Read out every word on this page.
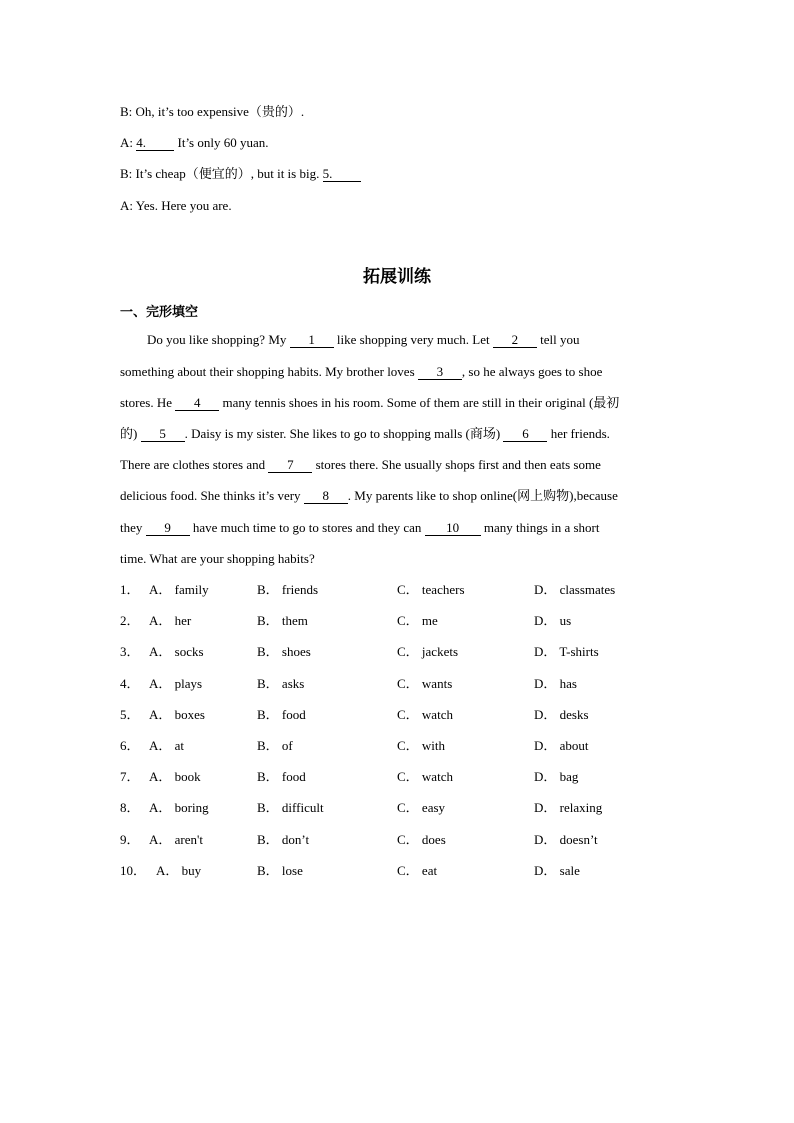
B: Oh, it’s too expensive（贵的）.
A: 4. It’s only 60 yuan.
B: It’s cheap（便宜的）, but it is big. 5.
A: Yes. Here you are.
拓展训练
一、完形填空
Do you like shopping? My 1 like shopping very much. Let 2 tell you
something about their shopping habits. My brother loves 3 , so he always goes to shoe
stores. He 4 many tennis shoes in his room. Some of them are still in their original (最初
的) 5 . Daisy is my sister. She likes to go to shopping malls (商场) 6 her friends.
There are clothes stores and 7 stores there. She usually shops first and then eats some
delicious food. She thinks it’s very 8 . My parents like to shop online(网上购物),because
they 9 have much time to go to stores and they can 10 many things in a short
time. What are your shopping habits?
1． A． family	B． friends	C． teachers	D． classmates
2． A． her	B． them	C． me	D． us
3． A． socks	B． shoes	C． jackets	D． T-shirts
4． A． plays	B． asks	C． wants	D． has
5． A． boxes	B． food	C． watch	D． desks
6． A． at	B． of	C． with	D． about
7． A． book	B． food	C． watch	D． bag
8． A． boring	B． difficult	C． easy	D． relaxing
9． A． aren't	B． don’t	C． does	D． doesn’t
10． A． buy	B． lose	C． eat	D． sale
